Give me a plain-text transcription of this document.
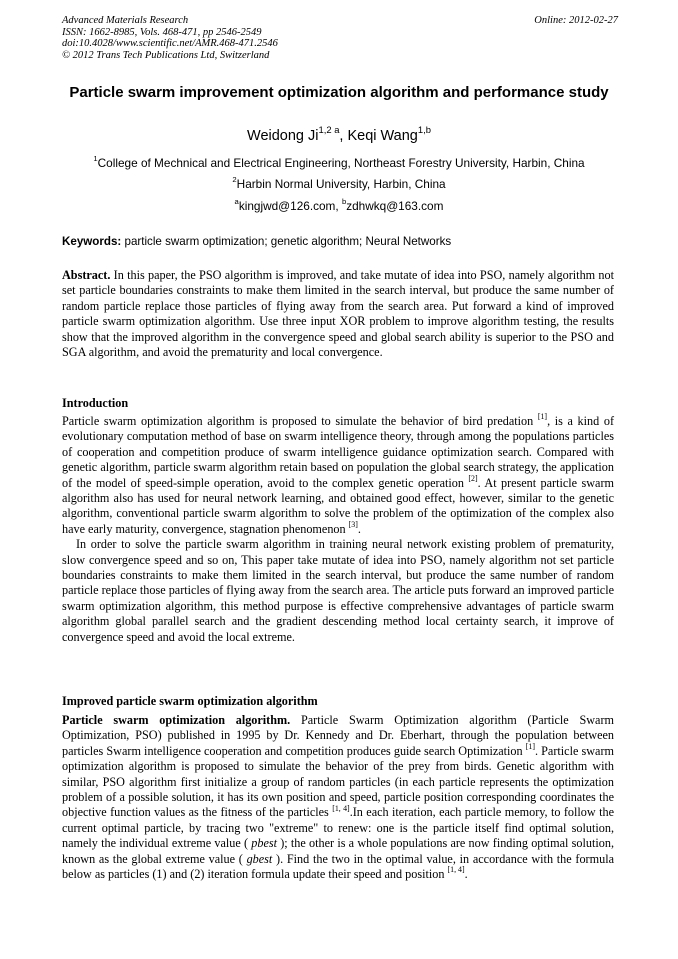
Advanced Materials Research
ISSN: 1662-8985, Vols. 468-471, pp 2546-2549
doi:10.4028/www.scientific.net/AMR.468-471.2546
© 2012 Trans Tech Publications Ltd, Switzerland
Online: 2012-02-27
Particle swarm improvement optimization algorithm and performance study
Weidong $Ji^{1,2 a}$, Keqi Wang$^{1,b}$
$^1$College of Mechnical and Electrical Engineering, Northeast Forestry University, Harbin, China
$^2$Harbin Normal University, Harbin, China
$^a$kingjwd@126.com, $^b$zdhwkq@163.com
Keywords: particle swarm optimization; genetic algorithm; Neural Networks

Abstract. In this paper, the PSO algorithm is improved, and take mutate of idea into PSO, namely algorithm not set particle boundaries constraints to make them limited in the search interval, but produce the same number of random particle replace those particles of flying away from the search area. Put forward a kind of improved particle swarm optimization algorithm. Use three input XOR problem to improve algorithm testing, the results show that the improved algorithm in the convergence speed and global search ability is superior to the PSO and SGA algorithm, and avoid the prematurity and local convergence.

Introduction

Particle swarm optimization algorithm is proposed to simulate the behavior of bird predation [1], is a kind of evolutionary computation method of base on swarm intelligence theory, through among the populations particles of cooperation and competition produce of swarm intelligence guidance optimization search. Compared with genetic algorithm, particle swarm algorithm retain based on population the global search strategy, the application of the model of speed-simple operation, avoid to the complex genetic operation [2]. At present particle swarm algorithm also has used for neural network learning, and obtained good effect, however, similar to the genetic algorithm, conventional particle swarm algorithm to solve the problem of the optimization of the complex also have early maturity, convergence, stagnation phenomenon [3].

In order to solve the particle swarm algorithm in training neural network existing problem of prematurity, slow convergence speed and so on, This paper take mutate of idea into PSO, namely algorithm not set particle boundaries constraints to make them limited in the search interval, but produce the same number of random particle replace those particles of flying away from the search area. The article puts forward an improved particle swarm optimization algorithm, this method purpose is effective comprehensive advantages of particle swarm algorithm global parallel search and the gradient descending method local certainty search, it improve of convergence speed and avoid the local extreme.

Improved particle swarm optimization algorithm

Particle swarm optimization algorithm. Particle Swarm Optimization algorithm (Particle Swarm Optimization, PSO) published in 1995 by Dr. Kennedy and Dr. Eberhart, through the population between particles Swarm intelligence cooperation and competition produces guide search Optimization [1]. Particle swarm optimization algorithm is proposed to simulate the behavior of the prey from birds. Genetic algorithm with similar, PSO algorithm first initialize a group of random particles (in each particle represents the optimization problem of a possible solution, it has its own position and speed, particle position corresponding coordinates the objective function values as the fitness of the particles [1, 4].In each iteration, each particle memory, to follow the current optimal particle, by tracing two "extreme" to renew: one is the particle itself find optimal solution, namely the individual extreme value ( pbest ); the other is a whole populations are now finding optimal solution, known as the global extreme value ( gbest ). Find the two in the optimal value, in accordance with the formula below as particles (1) and (2) iteration formula update their speed and position [1, 4].
